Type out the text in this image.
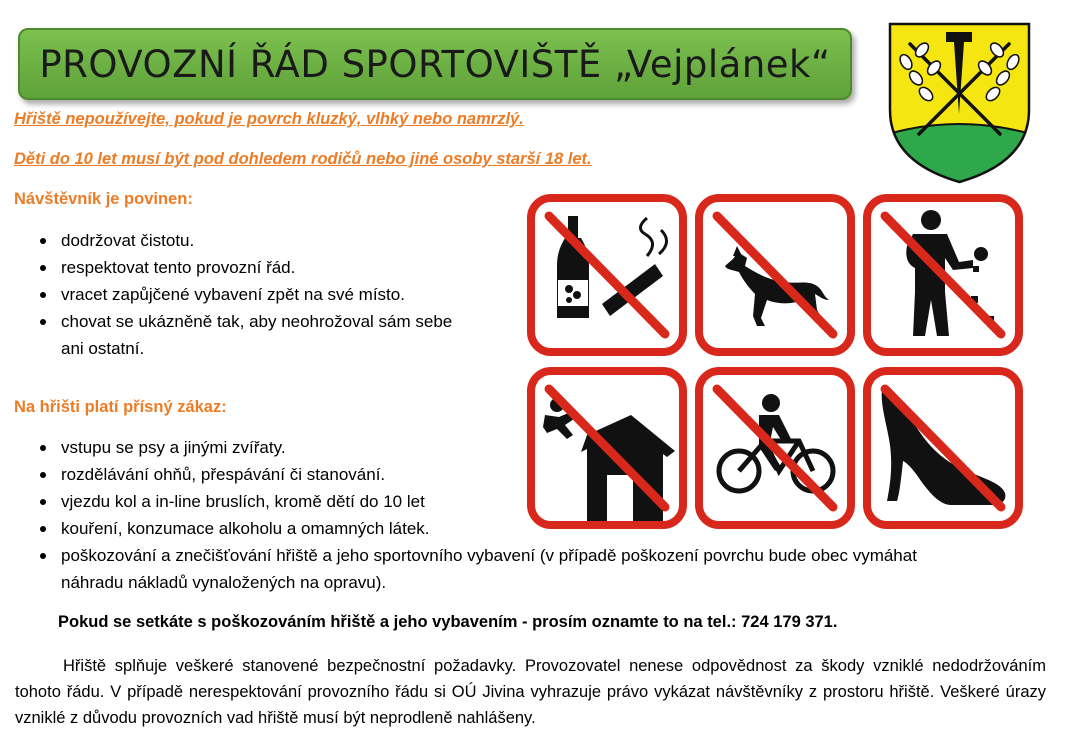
PROVOZNÍ ŘÁD SPORTOVIŠTĚ „Vejplánek“
Hřiště nepoužívejte, pokud je povrch kluzký, vlhký nebo namrzlý.
Děti do 10 let musí být pod dohledem rodičů nebo jiné osoby starší 18 let.
Návštěvník je povinen:
dodržovat čistotu.
respektovat tento provozní řád.
vracet zapůjčené vybavení zpět na své místo.
chovat se ukázněně tak, aby neohrožoval sám sebe ani ostatní.
Na hřišti platí přísný zákaz:
vstupu se psy a jinými zvířaty.
rozdělávání ohňů, přespávání či stanování.
vjezdu kol a in-line bruslích, kromě dětí do 10 let
kouření, konzumace alkoholu a omamných látek.
poškozování a znečišťování hřiště a jeho sportovního vybavení (v případě poškození povrchu bude obec vymáhat náhradu nákladů vynaložených na opravu).
Pokud se setkáte s poškozováním hřiště a jeho vybavením - prosím oznamte to na tel.: 724 179 371.

Hřiště splňuje veškeré stanovené bezpečnostní požadavky. Provozovatel nenese odpovědnost za škody vzniklé nedodržováním tohoto řádu. V případě nerespektování provozního řádu si OÚ Jivina vyhrazuje právo vykázat návštěvníky z prostoru hřiště. Veškeré úrazy vzniklé z důvodu provozních vad hřiště musí být neprodleně nahlášeny.
